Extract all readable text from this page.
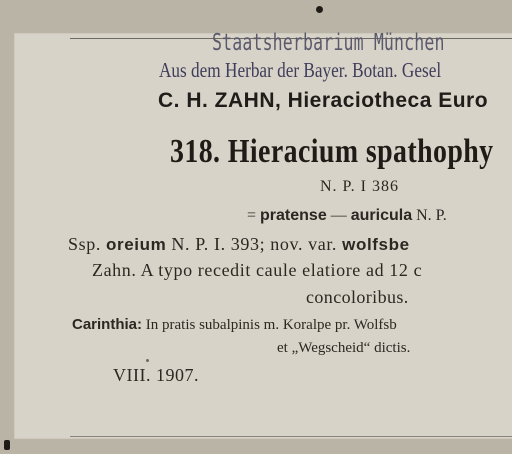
Staatsherbarium München
Aus dem Herbar der Bayer. Botan. Gesel
C. H. ZAHN, Hieraciotheca Euro
318. Hieracium spathophy
N. P. I 386
= pratense — auricula N. P.
Ssp. oreium N. P. I. 393; nov. var. wolfsbe
Zahn. A typo recedit caule elatiore ad 12 c
concoloribus.
Carinthia: In pratis subalpinis m. Koralpe pr. Wolfsb
et „Wegscheid“ dictis.
VIII. 1907.
